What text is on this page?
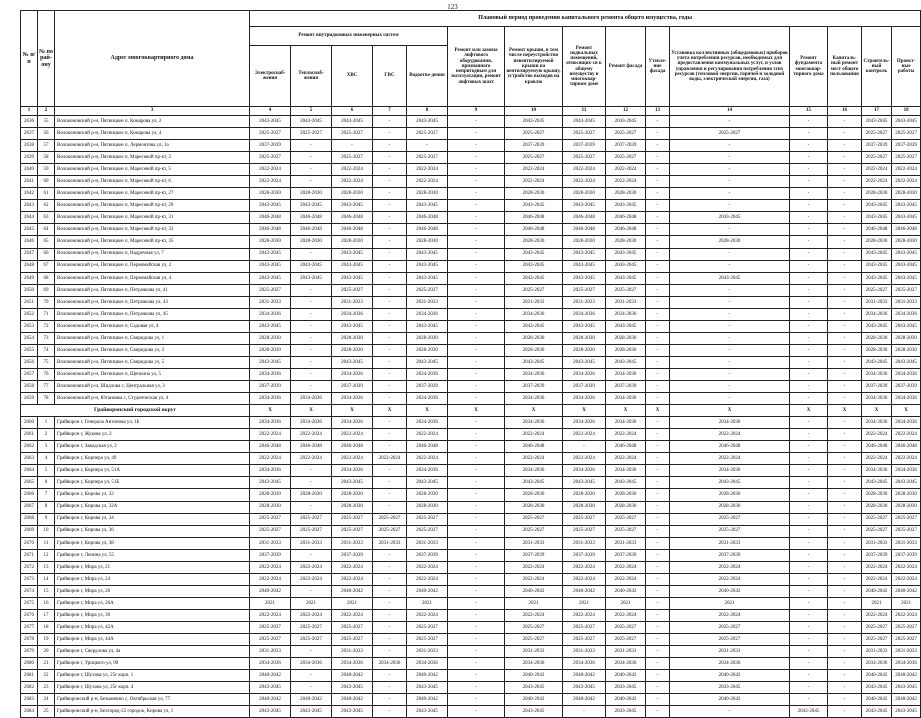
123
№ п/п	№ по рай-ону	Адрес многоквартирного дома	Плановый период проведения капитального ремонта общего имущества, годы														
			Ремонт внутридомовых инженерных систем					Ремонт или замена лифтового оборудования, признанного непригодным для эксплуатации, ремонт лифтовых шахт	Ремонт крыши, в том числе переустройство невентилируемой крыши на вентилируемую крышу, устройство выходов на кровлю	Ремонт подвальных помещений, относящих-ся к общему имуществу в многоквар-тирном доме	Ремонт фасада	Утепле-ние фасада	Установка коллективных (общедомовых) приборов учета потребления ресурсов, необходимых для предоставления коммунальных услуг, и узлов управления и регулирования потребления этих ресурсов (тепловой энергии, горячей и холодной воды, электрической энергии, газа)	Ремонт фундамента многоквар-тирного дома	Капиталь-ный ремонт мест общего пользования	Строитель-ный контроль	Проект-ные работы
			Электроснаб-жения	Теплоснаб-жения	ХВС	ГВС	Водоотве-дения										
1	2	3	4	5	6	7	8	9	10	11	12	13	14	15	16	17	18
2636	55	Волоконовский р-н, Пятницкое п, Комарова ул, 2	2043-2045	2043-2045	2043-2045	-	2043-2045	-	2043-2045	2043-2045	2043-2045	-	-	-	-	2043-2045	2043-2045
2637	56	Волоконовский р-н, Пятницкое п, Комарова ул, 4	2025-2027	2025-2027	2025-2027	-	2025-2027	-	2025-2027	2025-2027	2025-2027	-	2025-2027	-	-	2025-2027	2025-2027
2638	57	Волоконовский р-н, Пятницкое п, Лермонтова ул, 1а	2037-2039	-	-	-	-	-	2037-2039	2037-2039	2037-2039	-	-	-	-	2037-2039	2037-2039
2639	58	Волоконовский р-н, Пятницкое п, Маресевой пр-кт, 3	2025-2027	-	2025-2027	-	2025-2027	-	2025-2027	2025-2027	2025-2027	-	-	-	-	2025-2027	2025-2027
2640	59	Волоконовский р-н, Пятницкое п, Маресевой пр-кт, 5	2022-2024	-	2022-2024	-	2022-2024	-	2022-2024	2022-2024	2022-2024	-	-	-	-	2022-2024	2022-2024
2641	60	Волоконовский р-н, Пятницкое п, Маресевой пр-кт, 6	2022-2024	-	2022-2024	-	2022-2024	-	2022-2024	2022-2024	2022-2024	-	-	-	-	2022-2024	2022-2024
2642	61	Волоконовский р-н, Пятницкое п, Маресевой пр-кт, 27	2028-2030	2028-2030	2028-2030	-	2028-2030	-	2028-2030	2028-2030	2028-2030	-	-	-	-	2028-2030	2028-2030
2643	62	Волоконовский р-н, Пятницкое п, Маресевой пр-кт, 29	2043-2045	2043-2045	2043-2045	-	2043-2045	-	2043-2045	2043-2045	2043-2045	-	-	-	-	2043-2045	2043-2045
2644	63	Волоконовский р-н, Пятницкое п, Маресевой пр-кт, 31	2046-2048	2046-2048	2046-2048	-	2046-2048	-	2046-2048	2046-2048	2046-2048	-	2043-2045	-	-	2043-2045	2043-2045
2645	64	Волоконовский р-н, Пятницкое п, Маресевой пр-кт, 33	2046-2048	2046-2048	2046-2048	-	2046-2048	-	2046-2048	2046-2048	2046-2048	-	-	-	-	2046-2048	2046-2048
2646	65	Волоконовский р-н, Пятницкое п, Маресевой пр-кт, 35	2028-2030	2028-2030	2028-2030	-	2028-2030	-	2028-2030	2028-2030	2028-2030	-	2028-2030	-	-	2028-2030	2028-2030
2647	66	Волоконовский р-н, Пятницкое п, Надречная ул, 7	2043-2045	-	2043-2045	-	2043-2045	-	2043-2045	2043-2045	2043-2045	-	-	-	-	2043-2045	2043-2045
2648	67	Волоконовский р-н, Пятницкое п, Первомайская ул, 2	2043-2045	2043-2045	2043-2045	-	2043-2045	-	2043-2045	2043-2045	2043-2045	-	-	-	-	2043-2045	2043-2045
2649	68	Волоконовский р-н, Пятницкое п, Первомайская ул, 4	2043-2045	2043-2045	2043-2045	-	2043-2045	-	2043-2045	2043-2045	2043-2045	-	2043-2045	-	-	2043-2045	2043-2045
2650	69	Волоконовский р-н, Пятницкое п, Петрачкова ул, 41	2025-2027	-	2025-2027	-	2025-2027	-	2025-2027	2025-2027	2025-2027	-	-	-	-	2025-2027	2025-2027
2651	70	Волоконовский р-н, Пятницкое п, Петрачкова ул, 43	2031-2033	-	2031-2033	-	2031-2033	-	2031-2033	2031-2033	2031-2033	-	-	-	-	2031-2033	2031-2033
2652	71	Волоконовский р-н, Пятницкое п, Петрачкова ул, 45	2034-2036	-	2034-2036	-	2034-2036	-	2034-2036	2034-2036	2034-2036	-	-	-	-	2034-2036	2034-2036
2653	72	Волоконовский р-н, Пятницкое п, Садовая ул, 4	2043-2045	-	2043-2045	-	2043-2045	-	2043-2045	2043-2045	2043-2045	-	-	-	-	2043-2045	2043-2045
2654	73	Волоконовский р-н, Пятницкое п, Свиридова ул, 1	2028-2030	-	2028-2030	-	2028-2030	-	2028-2030	2028-2030	2028-2030	-	-	-	-	2028-2030	2028-2030
2655	74	Волоконовский р-н, Пятницкое п, Свиридова ул, 3	2028-2030	-	2028-2030	-	2028-2030	-	2028-2030	2028-2030	2028-2030	-	-	-	-	2028-2030	2028-2030
2656	75	Волоконовский р-н, Пятницкое п, Свиридова ул, 5	2043-2045	-	2043-2045	-	2043-2045	-	2043-2045	2043-2045	2043-2045	-	-	-	-	2043-2045	2043-2045
2657	76	Волоконовский р-н, Пятницкое п, Щепкина ул, 5	2034-2036	-	2034-2036	-	2034-2036	-	2034-2036	2034-2036	2034-2036	-	-	-	-	2034-2036	2034-2036
2658	77	Волоконовский р-н, Шидлова с, Центральная ул, 3	2037-2039	-	2037-2039	-	2037-2039	-	2037-2039	2037-2039	2037-2039	-	-	-	-	2037-2039	2037-2039
2659	78	Волоконовский р-н, Ютановка с, Студенческая ул, 4	2034-2036	2034-2036	2034-2036	-	2034-2036	-	2034-2036	2034-2036	2034-2036	-	-	-	-	2034-2036	2034-2036
Грайворонский городской округ			X	X	X	X	X	X	X	X	X	X	X	X	X	X	X
2660	1	Грайворон г, Генерала Антонова ул, 1Б	2034-2036	2034-2036	2034-2036	-	2034-2036	-	2034-2036	2034-2036	2034-2036	-	2034-2036	-	-	2034-2036	2034-2036
2661	2	Грайворон г, Жукова ул, 2	2022-2024	2022-2024	2022-2024	-	2022-2024	-	2022-2024	2022-2024	2022-2024	-	2022-2024	-	-	2022-2024	2022-2024
2662	3	Грайворон г, Заводская ул, 2	2046-2048	2046-2048	2046-2048	-	2046-2048	-	2046-2048	-	2046-2048	-	2046-2048	-	-	2046-2048	2046-2048
2663	4	Грайворон г, Кирпера ул, 49	2022-2024	2022-2024	2022-2024	2022-2024	2022-2024	-	2022-2024	2022-2024	2022-2024	-	2022-2024	-	-	2022-2024	2022-2024
2664	5	Грайворон г, Кирпера ул, 51А	2034-2036	-	2034-2036	-	2034-2036	-	2034-2036	2034-2036	2034-2036	-	2034-2036	-	-	2034-2036	2034-2036
2665	6	Грайворон г, Кирпера ул, 51Б	2043-2045	-	2043-2045	-	2043-2045	-	2043-2045	2043-2045	2043-2045	-	2043-2045	-	-	2043-2045	2043-2045
2666	7	Грайворон г, Кирова ул, 32	2028-2030	2028-2030	2028-2030	-	2028-2030	-	2028-2030	2028-2030	2028-2030	-	2028-2030	-	-	2028-2030	2028-2030
2667	8	Грайворон г, Кирова ул, 32А	2028-2030	-	2028-2030	-	2028-2030	-	2028-2030	2028-2030	2028-2030	-	2028-2030	-	-	2028-2030	2028-2030
2668	9	Грайворон г, Кирова ул, 34	2025-2027	2025-2027	2025-2027	2025-2027	2025-2027	-	2025-2027	2025-2027	2025-2027	-	2025-2027	-	-	2025-2027	2025-2027
2669	10	Грайворон г, Кирова ул, 36	2025-2027	2025-2027	2025-2027	2025-2027	2025-2027	-	2025-2027	2025-2027	2025-2027	-	2025-2027	-	-	2025-2027	2025-2027
2670	11	Грайворон г, Кирова ул, 38	2031-2033	2031-2033	2031-2033	2031-2033	2031-2033	-	2031-2033	2031-2033	2031-2033	-	2031-2033	-	-	2031-2033	2031-2033
2671	12	Грайворон г, Ленина ул, 55	2037-2039	-	2037-2039	-	2037-2039	-	2037-2039	2037-2039	2037-2039	-	2037-2039	-	-	2037-2039	2037-2039
2672	13	Грайворон г, Мира ул, 21	2022-2024	2022-2024	2022-2024	-	2022-2024	-	2022-2024	2022-2024	2022-2024	-	2022-2024	-	-	2022-2024	2022-2024
2673	14	Грайворон г, Мира ул, 24	2022-2024	2022-2024	2022-2024	-	2022-2024	-	2022-2024	2022-2024	2022-2024	-	2022-2024	-	-	2022-2024	2022-2024
2674	15	Грайворон г, Мира ул, 26	2040-2042	-	2040-2042	-	2040-2042	-	2040-2042	2040-2042	2040-2042	-	2040-2042	-	-	2040-2042	2040-2042
2675	16	Грайворон г, Мира ул, 26А	2021	2021	2021	-	2021	-	2021	2021	2021	-	2021	-	-	2021	2021
2676	17	Грайворон г, Мира ул, 30	2022-2024	2022-2024	2022-2024	-	2022-2024	-	2022-2024	2022-2024	2022-2024	-	2022-2024	-	-	2022-2024	2022-2024
2677	18	Грайворон г, Мира ул, 42А	2025-2027	2025-2027	2025-2027	-	2025-2027	-	2025-2027	2025-2027	2025-2027	-	2025-2027	-	-	2025-2027	2025-2027
2678	19	Грайворон г, Мира ул, 44А	2025-2027	2025-2027	2025-2027	-	2025-2027	-	2025-2027	2025-2027	2025-2027	-	2025-2027	-	-	2025-2027	2025-2027
2679	20	Грайворон г, Свердлова ул, 4а	2031-2033	-	2031-2033	-	2031-2033	-	2031-2033	2031-2033	2031-2033	-	2031-2033	-	-	2031-2033	2031-2033
2680	21	Грайворон г, Урицкого ул, 90	2034-2036	2034-2036	2034-2036	2034-2036	2034-2036	-	2034-2036	2034-2036	2034-2036	-	2034-2036	-	-	2034-2036	2034-2036
2681	22	Грайворон г, Шухова ул, 25г корп. 1	2040-2042	-	2040-2042	-	2040-2042	-	2040-2042	2040-2042	2040-2042	-	2040-2042	-	-	2040-2042	2040-2042
2682	23	Грайворон г, Шухова ул, 25г корп. 4	2043-2045	-	2043-2045	-	2043-2045	-	2043-2045	2043-2045	2043-2045	-	2043-2045	-	-	2043-2045	2043-2045
2683	24	Грайворонский р-н, Безыменно с, Октябрьская ул, 77	2040-2042	2040-2042	2040-2042	-	2040-2042	-	2040-2042	2040-2042	2040-2042	-	2040-2042	-	-	2040-2042	2040-2042
2684	25	Грайворонский р-н, Белгород-22 городок, Кирова ул, 1	2043-2045	2043-2045	2043-2045	-	2043-2045	-	2043-2045	-	2043-2045	-	-	2043-2045	-	2043-2045	2043-2045
